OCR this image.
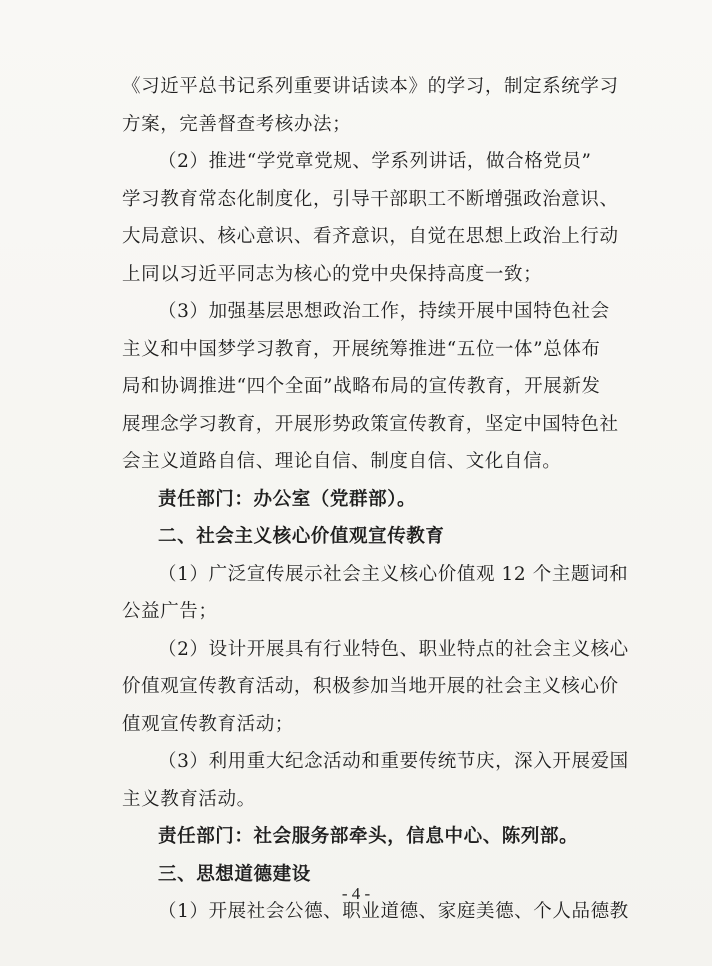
《习近平总书记系列重要讲话读本》的学习，制定系统学习
方案，完善督查考核办法；
（2）推进“学党章党规、学系列讲话，做合格党员”
学习教育常态化制度化，引导干部职工不断增强政治意识、
大局意识、核心意识、看齐意识，自觉在思想上政治上行动
上同以习近平同志为核心的党中央保持高度一致；
（3）加强基层思想政治工作，持续开展中国特色社会
主义和中国梦学习教育，开展统筹推进“五位一体”总体布
局和协调推进“四个全面”战略布局的宣传教育，开展新发
展理念学习教育，开展形势政策宣传教育，坚定中国特色社
会主义道路自信、理论自信、制度自信、文化自信。
责任部门：办公室（党群部）。
二、社会主义核心价值观宣传教育
（1）广泛宣传展示社会主义核心价值观 12 个主题词和
公益广告；
（2）设计开展具有行业特色、职业特点的社会主义核心
价值观宣传教育活动，积极参加当地开展的社会主义核心价
值观宣传教育活动；
（3）利用重大纪念活动和重要传统节庆，深入开展爱国
主义教育活动。
责任部门：社会服务部牵头，信息中心、陈列部。
三、思想道德建设
（1）开展社会公德、职业道德、家庭美德、个人品德教
- 4 -
